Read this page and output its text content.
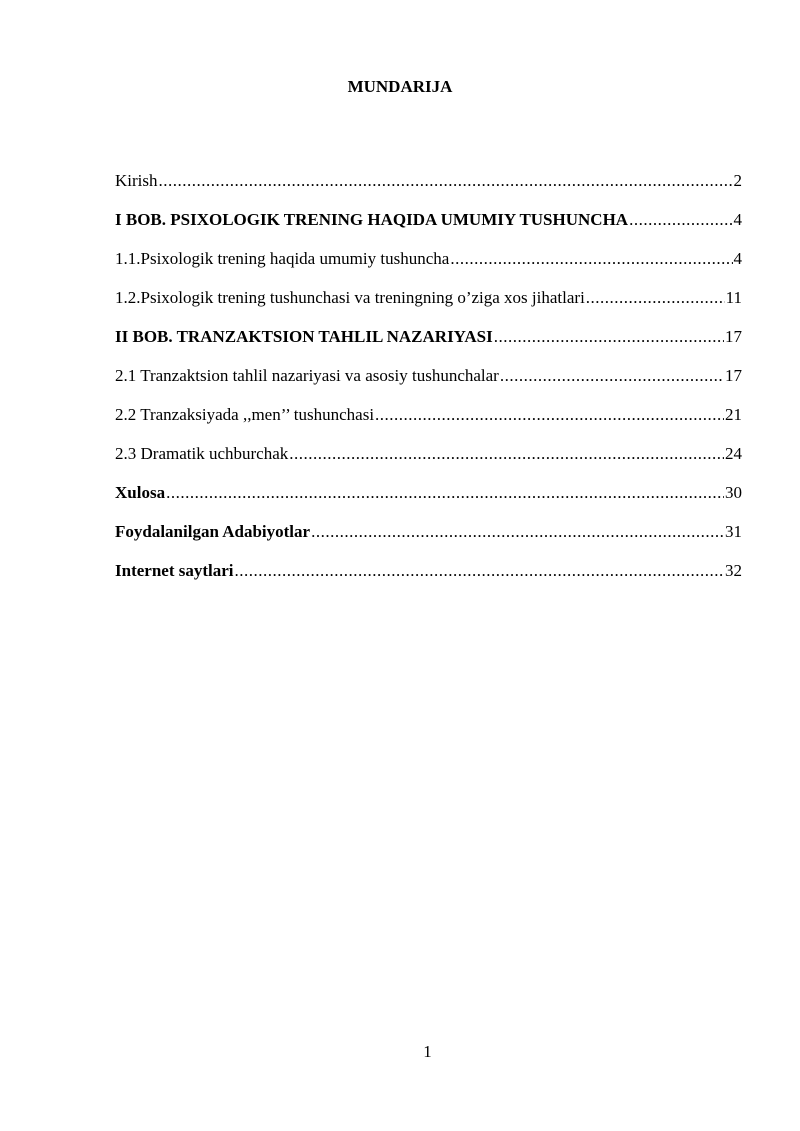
MUNDARIJA
Kirish .....	2
I BOB. PSIXOLOGIK TRENING HAQIDA UMUMIY TUSHUNCHA .....	4
1.1.Psixologik trening haqida umumiy tushuncha .....	4
1.2.Psixologik trening tushunchasi va treningning o’ziga xos jihatlari .....	11
II BOB. TRANZAKTSION TAHLIL NAZARIYASI .....	17
2.1 Tranzaktsion tahlil nazariyasi va asosiy tushunchalar .....	17
2.2 Tranzaksiyada ,,men’’ tushunchasi .....	21
2.3 Dramatik uchburchak .....	24
Xulosa .....	30
Foydalanilgan Adabiyotlar .....	31
Internet saytlari .....	32
1
